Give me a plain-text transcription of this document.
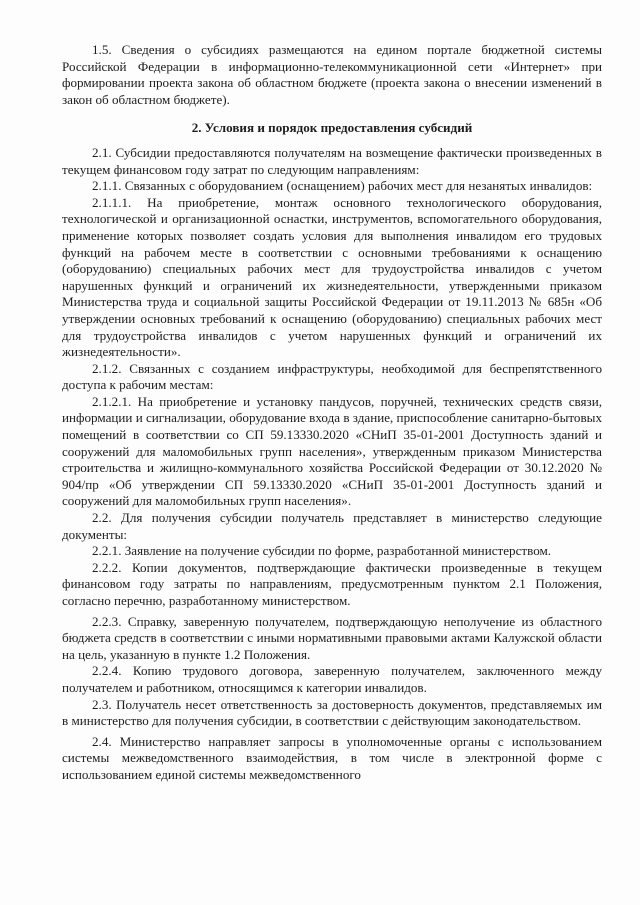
1.5. Сведения о субсидиях размещаются на едином портале бюджетной системы Российской Федерации в информационно-телекоммуникационной сети «Интернет» при формировании проекта закона об областном бюджете (проекта закона о внесении изменений в закон об областном бюджете).

2. Условия и порядок предоставления субсидий

2.1. Субсидии предоставляются получателям на возмещение фактически произведенных в текущем финансовом году затрат по следующим направлениям:

2.1.1. Связанных с оборудованием (оснащением) рабочих мест для незанятых инвалидов:

2.1.1.1. На приобретение, монтаж основного технологического оборудования, технологической и организационной оснастки, инструментов, вспомогательного оборудования, применение которых позволяет создать условия для выполнения инвалидом его трудовых функций на рабочем месте в соответствии с основными требованиями к оснащению (оборудованию) специальных рабочих мест для трудоустройства инвалидов с учетом нарушенных функций и ограничений их жизнедеятельности, утвержденными приказом Министерства труда и социальной защиты Российской Федерации от 19.11.2013 № 685н «Об утверждении основных требований к оснащению (оборудованию) специальных рабочих мест для трудоустройства инвалидов с учетом нарушенных функций и ограничений их жизнедеятельности».

2.1.2. Связанных с созданием инфраструктуры, необходимой для беспрепятственного доступа к рабочим местам:

2.1.2.1. На приобретение и установку пандусов, поручней, технических средств связи, информации и сигнализации, оборудование входа в здание, приспособление санитарно-бытовых помещений в соответствии со СП 59.13330.2020 «СНиП 35-01-2001 Доступность зданий и сооружений для маломобильных групп населения», утвержденным приказом Министерства строительства и жилищно-коммунального хозяйства Российской Федерации от 30.12.2020 № 904/пр «Об утверждении СП 59.13330.2020 «СНиП 35-01-2001 Доступность зданий и сооружений для маломобильных групп населения».

2.2. Для получения субсидии получатель представляет в министерство следующие документы:

2.2.1. Заявление на получение субсидии по форме, разработанной министерством.

2.2.2. Копии документов, подтверждающие фактически произведенные в текущем финансовом году затраты по направлениям, предусмотренным пунктом 2.1 Положения, согласно перечню, разработанному министерством.

2.2.3. Справку, заверенную получателем, подтверждающую неполучение из областного бюджета средств в соответствии с иными нормативными правовыми актами Калужской области на цель, указанную в пункте 1.2 Положения.

2.2.4. Копию трудового договора, заверенную получателем, заключенного между получателем и работником, относящимся к категории инвалидов.

2.3. Получатель несет ответственность за достоверность документов, представляемых им в министерство для получения субсидии, в соответствии с действующим законодательством.

2.4. Министерство направляет запросы в уполномоченные органы с использованием системы межведомственного взаимодействия, в том числе в электронной форме с использованием единой системы межведомственного
